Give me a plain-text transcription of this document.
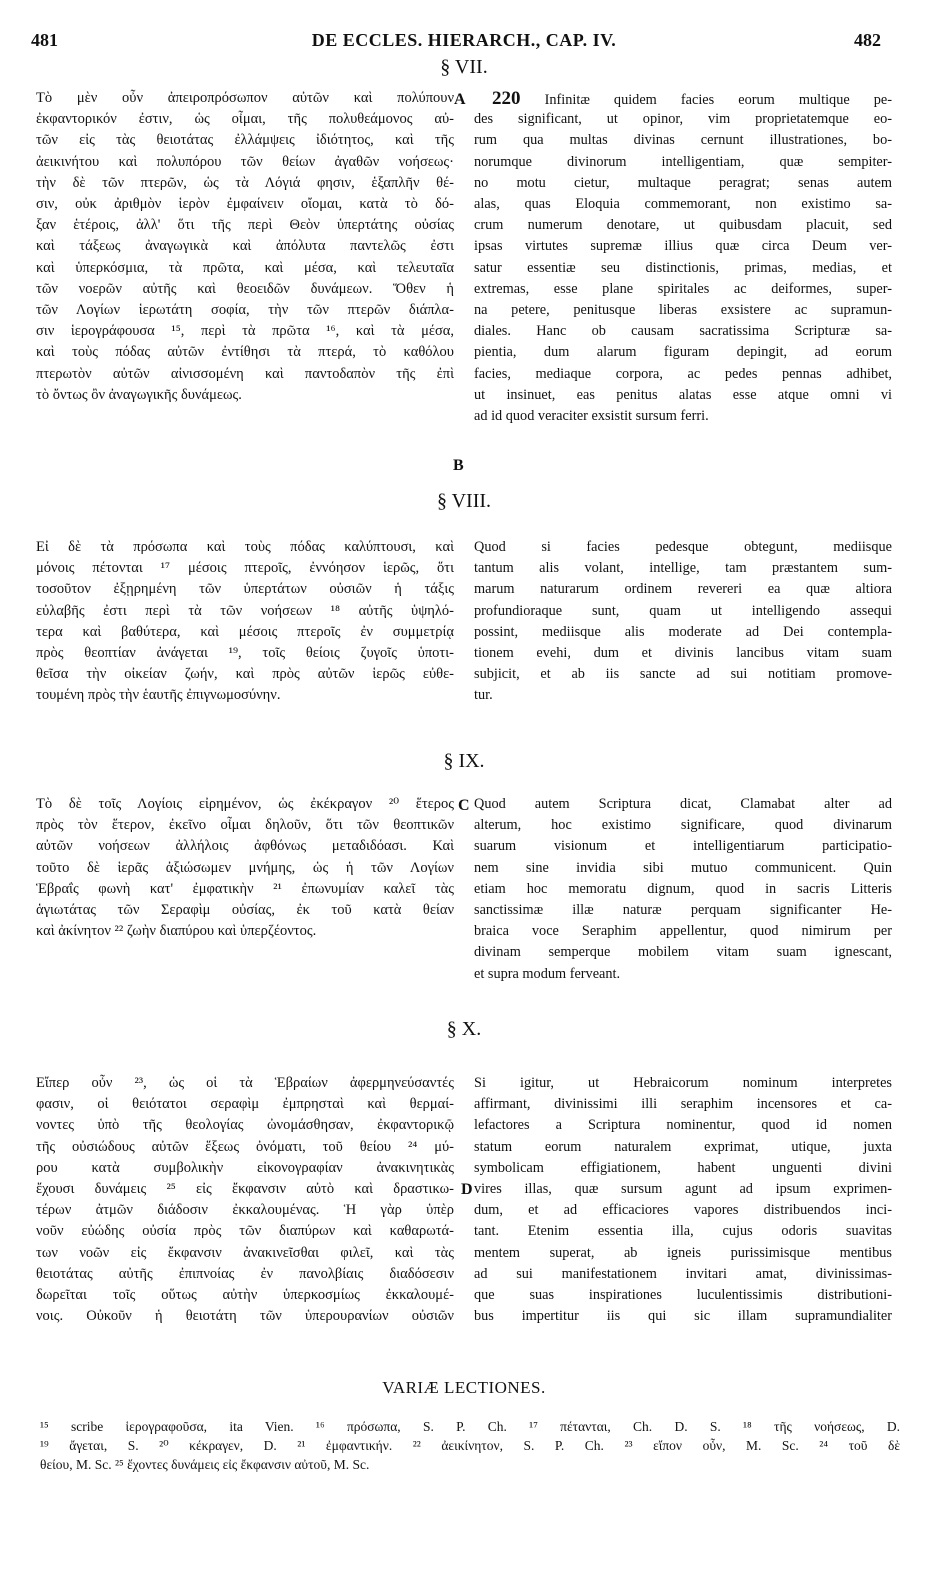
481	DE ECCLES. HIERARCH., CAP. IV.	482
§ VII.
Τὸ μὲν οὖν ἀπειροπρόσωπον αὐτῶν καὶ πολύπουν
ἐκφαντορικόν ἐστιν, ὡς οἶμαι, τῆς πολυθεάμονος αὐ-
τῶν εἰς τὰς θειοτάτας ἐλλάμψεις ἰδιότητος, καὶ τῆς
ἀεικινήτου καὶ πολυπόρου τῶν θείων ἀγαθῶν νοήσεως·
τὴν δὲ τῶν πτερῶν, ὡς τὰ Λόγιά φησιν, ἑξαπλῆν θέ-
σιν, οὐκ ἀριθμὸν ἱερὸν ἐμφαίνειν οἴομαι, κατὰ τὸ δό-
ξαν ἑτέροις, ἀλλ' ὅτι τῆς περὶ Θεὸν ὑπερτάτης οὐσίας
καὶ τάξεως ἀναγωγικὰ καὶ ἀπόλυτα παντελῶς ἐστι
καὶ ὑπερκόσμια, τὰ πρῶτα, καὶ μέσα, καὶ τελευταῖα
τῶν νοερῶν αὐτῆς καὶ θεοειδῶν δυνάμεων. Ὅθεν ἡ
τῶν Λογίων ἱερωτάτη σοφία, τὴν τῶν πτερῶν διάπλα-
σιν ἱερογράφουσα ¹⁵, περὶ τὰ πρῶτα ¹⁶, καὶ τὰ μέσα,
καὶ τοὺς πόδας αὐτῶν ἐντίθησι τὰ πτερά, τὸ καθόλου
πτερωτὸν αὐτῶν αἰνισσομένη καὶ παντοδαπὸν τῆς ἐπὶ
τὸ ὄντως ὂν ἀναγωγικῆς δυνάμεως.
A 220 Infinitæ quidem facies eorum multique pe-
des significant, ut opinor, vim proprietatemque eo-
rum qua multas divinas cernunt illustrationes, bo-
norumque divinorum intelligentiam, quæ sempiter-
no motu cietur, multaque peragrat; senas autem
alas, quas Eloquia commemorant, non existimo sa-
crum numerum denotare, ut quibusdam placuit, sed
ipsas virtutes supremæ illius quæ circa Deum ver-
satur essentiæ seu distinctionis, primas, medias, et
extremas, esse plane spiritales ac deiformes, super-
na petere, penitusque liberas exsistere ac supramun-
diales. Hanc ob causam sacratissima Scripturæ sa-
pientia, dum alarum figuram depingit, ad eorum
facies, mediaque corpora, ac pedes pennas adhibet,
ut insinuet, eas penitus alatas esse atque omni vi
ad id quod veraciter exsistit sursum ferri.
B
§ VIII.
Εἰ δὲ τὰ πρόσωπα καὶ τοὺς πόδας καλύπτουσι, καὶ
μόνοις πέτονται ¹⁷ μέσοις πτεροῖς, ἐννόησον ἱερῶς, ὅτι
τοσοῦτον ἐξῃρημένη τῶν ὑπερτάτων οὐσιῶν ἡ τάξις
εὐλαβῆς ἐστι περὶ τὰ τῶν νοήσεων ¹⁸ αὐτῆς ὑψηλό-
τερα καὶ βαθύτερα, καὶ μέσοις πτεροῖς ἐν συμμετρίᾳ
πρὸς θεοπτίαν ἀνάγεται ¹⁹, τοῖς θείοις ζυγοῖς ὑποτι-
θεῖσα τὴν οἰκείαν ζωήν, καὶ πρὸς αὐτῶν ἱερῶς εὐθε-
τουμένη πρὸς τὴν ἑαυτῆς ἐπιγνωμοσύνην.
Quod si facies pedesque obtegunt, mediisque
tantum alis volant, intellige, tam præstantem sum-
marum naturarum ordinem revereri ea quæ altiora
profundioraque sunt, quam ut intelligendo assequi
possint, mediisque alis moderate ad Dei contempla-
tionem evehi, dum et divinis lancibus vitam suam
subjicit, et ab iis sancte ad sui notitiam promove-
tur.
§ IX.
Τὸ δὲ τοῖς Λογίοις εἰρημένον, ὡς ἐκέκραγον ²⁰ ἕτερος
πρὸς τὸν ἕτερον, ἐκεῖνο οἶμαι δηλοῦν, ὅτι τῶν θεοπτικῶν
αὐτῶν νοήσεων ἀλλήλοις ἀφθόνως μεταδιδόασι. Καὶ
τοῦτο δὲ ἱερᾶς ἀξιώσωμεν μνήμης, ὡς ἡ τῶν Λογίων
Ἑβραΐς φωνὴ κατ' ἐμφατικὴν ²¹ ἐπωνυμίαν καλεῖ τὰς
ἁγιωτάτας τῶν Σεραφὶμ οὐσίας, ἐκ τοῦ κατὰ θείαν
καὶ ἀκίνητον ²² ζωὴν διαπύρου καὶ ὑπερζέοντος.
C Quod autem Scriptura dicat, Clamabat alter ad
alterum, hoc existimo significare, quod divinarum
suarum visionum et intelligentiarum participatio-
nem sine invidia sibi mutuo communicent. Quin
etiam hoc memoratu dignum, quod in sacris Litteris
sanctissimæ illæ naturæ perquam significanter He-
braica voce Seraphim appellentur, quod nimirum per
divinam semperque mobilem vitam suam ignescant,
et supra modum ferveant.
§ X.
Εἴπερ οὖν ²³, ὡς οἱ τὰ Ἑβραίων ἀφερμηνεύσαντές
φασιν, οἱ θειότατοι σεραφὶμ ἐμπρησταὶ καὶ θερμαί-
νοντες ὑπὸ τῆς θεολογίας ὠνομάσθησαν, ἐκφαντορικῷ
τῆς οὐσιώδους αὐτῶν ἕξεως ὀνόματι, τοῦ θείου ²⁴ μύ-
ρου κατὰ συμβολικὴν εἰκονογραφίαν ἀνακινητικὰς
ἔχουσι δυνάμεις ²⁵ εἰς ἔκφανσιν αὐτὸ καὶ δραστικω-
τέρων ἀτμῶν διάδοσιν ἐκκαλουμένας. Ἡ γὰρ ὑπὲρ
νοῦν εὐώδης οὐσία πρὸς τῶν διαπύρων καὶ καθαρωτά-
των νοῶν εἰς ἔκφανσιν ἀνακινεῖσθαι φιλεῖ, καὶ τὰς
θειοτάτας αὐτῆς ἐπιπνοίας ἐν πανολβίαις διαδόσεσιν
δωρεῖται τοῖς οὕτως αὐτὴν ὑπερκοσμίως ἐκκαλουμέ-
νοις. Οὐκοῦν ἡ θειοτάτη τῶν ὑπερουρανίων οὐσιῶν
D
Si igitur, ut Hebraicorum nominum interpretes
affirmant, divinissimi illi seraphim incensores et ca-
lefactores a Scriptura nominentur, quod id nomen
statum eorum naturalem exprimat, utique, juxta
symbolicam effigiationem, habent unguenti divini
vires illas, quæ sursum agunt ad ipsum exprimen-
dum, et ad efficaciores vapores distribuendos inci-
tant. Etenim essentia illa, cujus odoris suavitas
mentem superat, ab igneis purissimisque mentibus
ad sui manifestationem invitari amat, divinissimas-
que suas inspirationes luculentissimis distributioni-
bus impertitur iis qui sic illam supramundialiter
VARIÆ LECTIONES.
¹⁵ scribe ἱερογραφοῦσα, ita Vien. ¹⁶ πρόσωπα, S. P. Ch. ¹⁷ πέτανται, Ch. D. S. ¹⁸ τῆς νοήσεως, D.
¹⁹ ἄγεται, S. ²⁰ κέκραγεν, D. ²¹ ἐμφαντικήν. ²² ἀεικίνητον, S. P. Ch. ²³ εἴπον οὖν, M. Sc. ²⁴ τοῦ δὲ
θείου, M. Sc. ²⁵ ἔχοντες δυνάμεις εἰς ἔκφανσιν αὐτοῦ, M. Sc.
